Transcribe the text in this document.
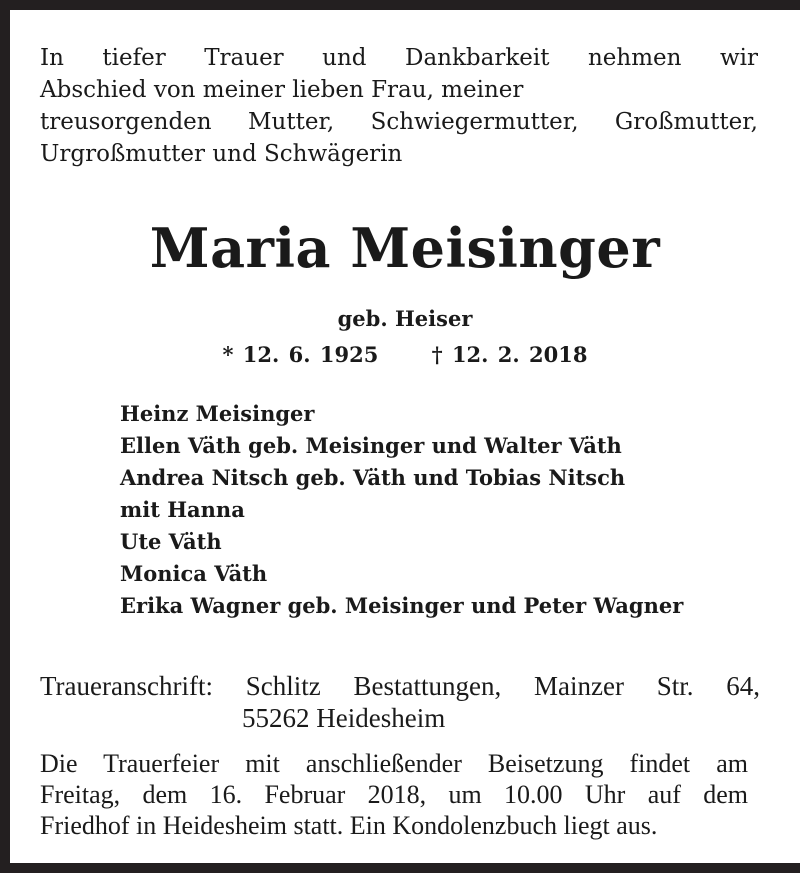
In tiefer Trauer und Dankbarkeit nehmen wir
Abschied von meiner lieben Frau, meiner
treusorgenden Mutter, Schwiegermutter, Großmutter,
Urgroßmutter und Schwägerin
Maria Meisinger
geb. Heiser
* 12. 6. 1925	† 12. 2. 2018
Heinz Meisinger
Ellen Väth geb. Meisinger und Walter Väth
Andrea Nitsch geb. Väth und Tobias Nitsch
mit Hanna
Ute Väth
Monica Väth
Erika Wagner geb. Meisinger und Peter Wagner
Traueranschrift: Schlitz Bestattungen, Mainzer Str. 64,
55262 Heidesheim
Die Trauerfeier mit anschließender Beisetzung findet am
Freitag, dem 16. Februar 2018, um 10.00 Uhr auf dem
Friedhof in Heidesheim statt. Ein Kondolenzbuch liegt aus.
